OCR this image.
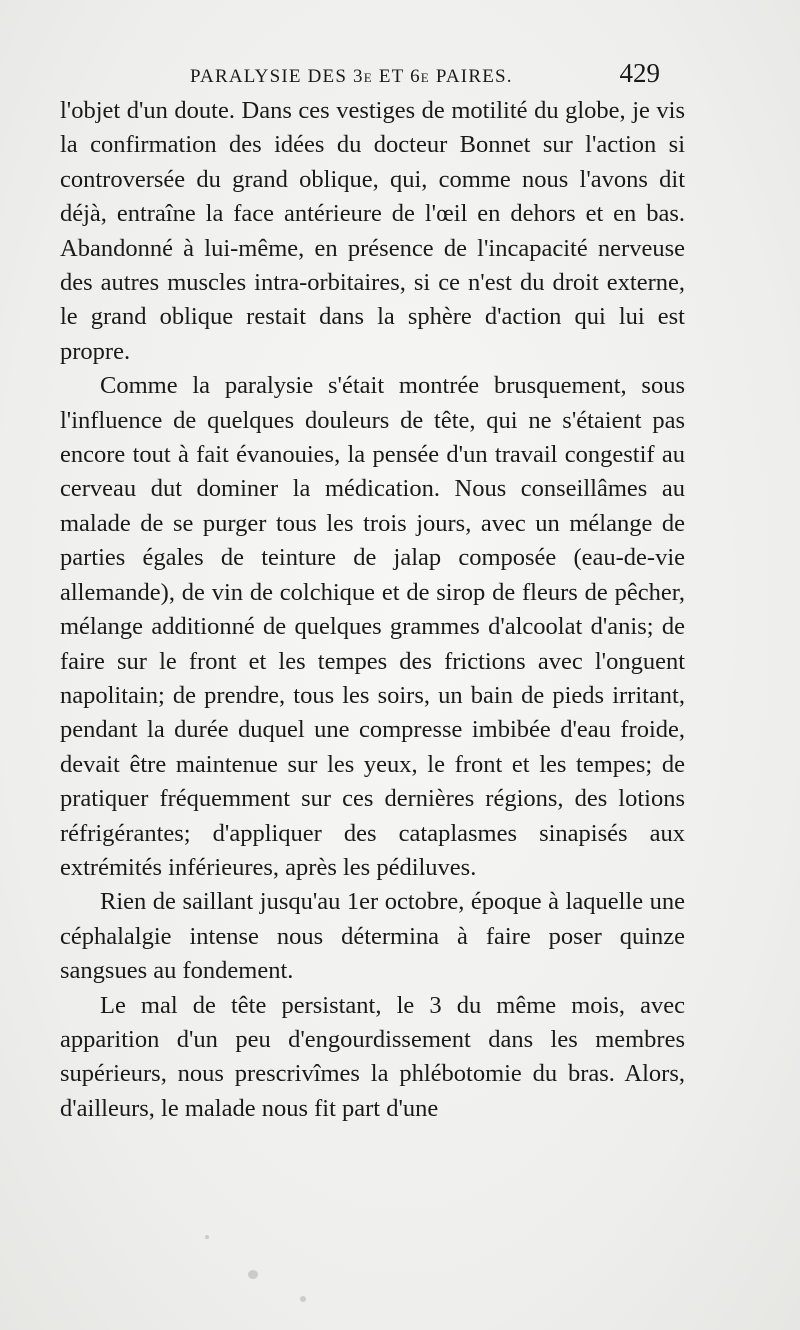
PARALYSIE DES 3e ET 6e PAIRES.	429

l'objet d'un doute. Dans ces vestiges de motilité du globe, je vis la confirmation des idées du docteur Bonnet sur l'action si controversée du grand oblique, qui, comme nous l'avons dit déjà, entraîne la face antérieure de l'œil en dehors et en bas. Abandonné à lui-même, en présence de l'incapacité nerveuse des autres muscles intra-orbitaires, si ce n'est du droit externe, le grand oblique restait dans la sphère d'action qui lui est propre.

Comme la paralysie s'était montrée brusquement, sous l'influence de quelques douleurs de tête, qui ne s'étaient pas encore tout à fait évanouies, la pensée d'un travail congestif au cerveau dut dominer la médication. Nous conseillâmes au malade de se purger tous les trois jours, avec un mélange de parties égales de teinture de jalap composée (eau-de-vie allemande), de vin de colchique et de sirop de fleurs de pêcher, mélange additionné de quelques grammes d'alcoolat d'anis; de faire sur le front et les tempes des frictions avec l'onguent napolitain; de prendre, tous les soirs, un bain de pieds irritant, pendant la durée duquel une compresse imbibée d'eau froide, devait être maintenue sur les yeux, le front et les tempes; de pratiquer fréquemment sur ces dernières régions, des lotions réfrigérantes; d'appliquer des cataplasmes sinapisés aux extrémités inférieures, après les pédiluves.

Rien de saillant jusqu'au 1er octobre, époque à laquelle une céphalalgie intense nous détermina à faire poser quinze sangsues au fondement.

Le mal de tête persistant, le 3 du même mois, avec apparition d'un peu d'engourdissement dans les membres supérieurs, nous prescrivîmes la phlébotomie du bras. Alors, d'ailleurs, le malade nous fit part d'une
